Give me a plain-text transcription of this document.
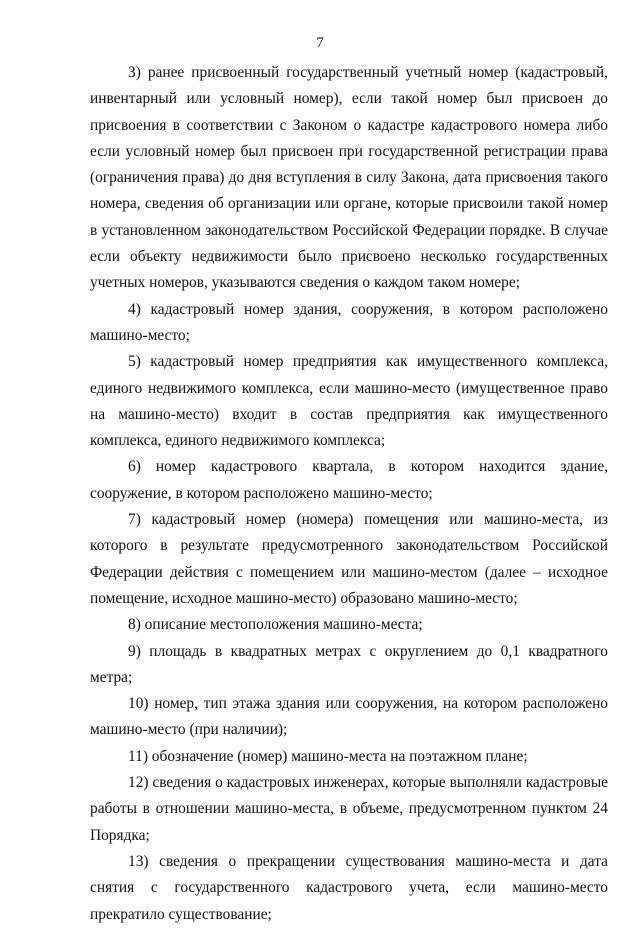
7

3) ранее присвоенный государственный учетный номер (кадастровый, инвентарный или условный номер), если такой номер был присвоен до присвоения в соответствии с Законом о кадастре кадастрового номера либо если условный номер был присвоен при государственной регистрации права (ограничения права) до дня вступления в силу Закона, дата присвоения такого номера, сведения об организации или органе, которые присвоили такой номер в установленном законодательством Российской Федерации порядке. В случае если объекту недвижимости было присвоено несколько государственных учетных номеров, указываются сведения о каждом таком номере;

4) кадастровый номер здания, сооружения, в котором расположено машино-место;

5) кадастровый номер предприятия как имущественного комплекса, единого недвижимого комплекса, если машино-место (имущественное право на машино-место) входит в состав предприятия как имущественного комплекса, единого недвижимого комплекса;

6) номер кадастрового квартала, в котором находится здание, сооружение, в котором расположено машино-место;

7) кадастровый номер (номера) помещения или машино-места, из которого в результате предусмотренного законодательством Российской Федерации действия с помещением или машино-местом (далее – исходное помещение, исходное машино-место) образовано машино-место;

8) описание местоположения машино-места;

9) площадь в квадратных метрах с округлением до 0,1 квадратного метра;

10) номер, тип этажа здания или сооружения, на котором расположено машино-место (при наличии);

11) обозначение (номер) машино-места на поэтажном плане;

12) сведения о кадастровых инженерах, которые выполняли кадастровые работы в отношении машино-места, в объеме, предусмотренном пунктом 24 Порядка;

13) сведения о прекращении существования машино-места и дата снятия с государственного кадастрового учета, если машино-место прекратило существование;
